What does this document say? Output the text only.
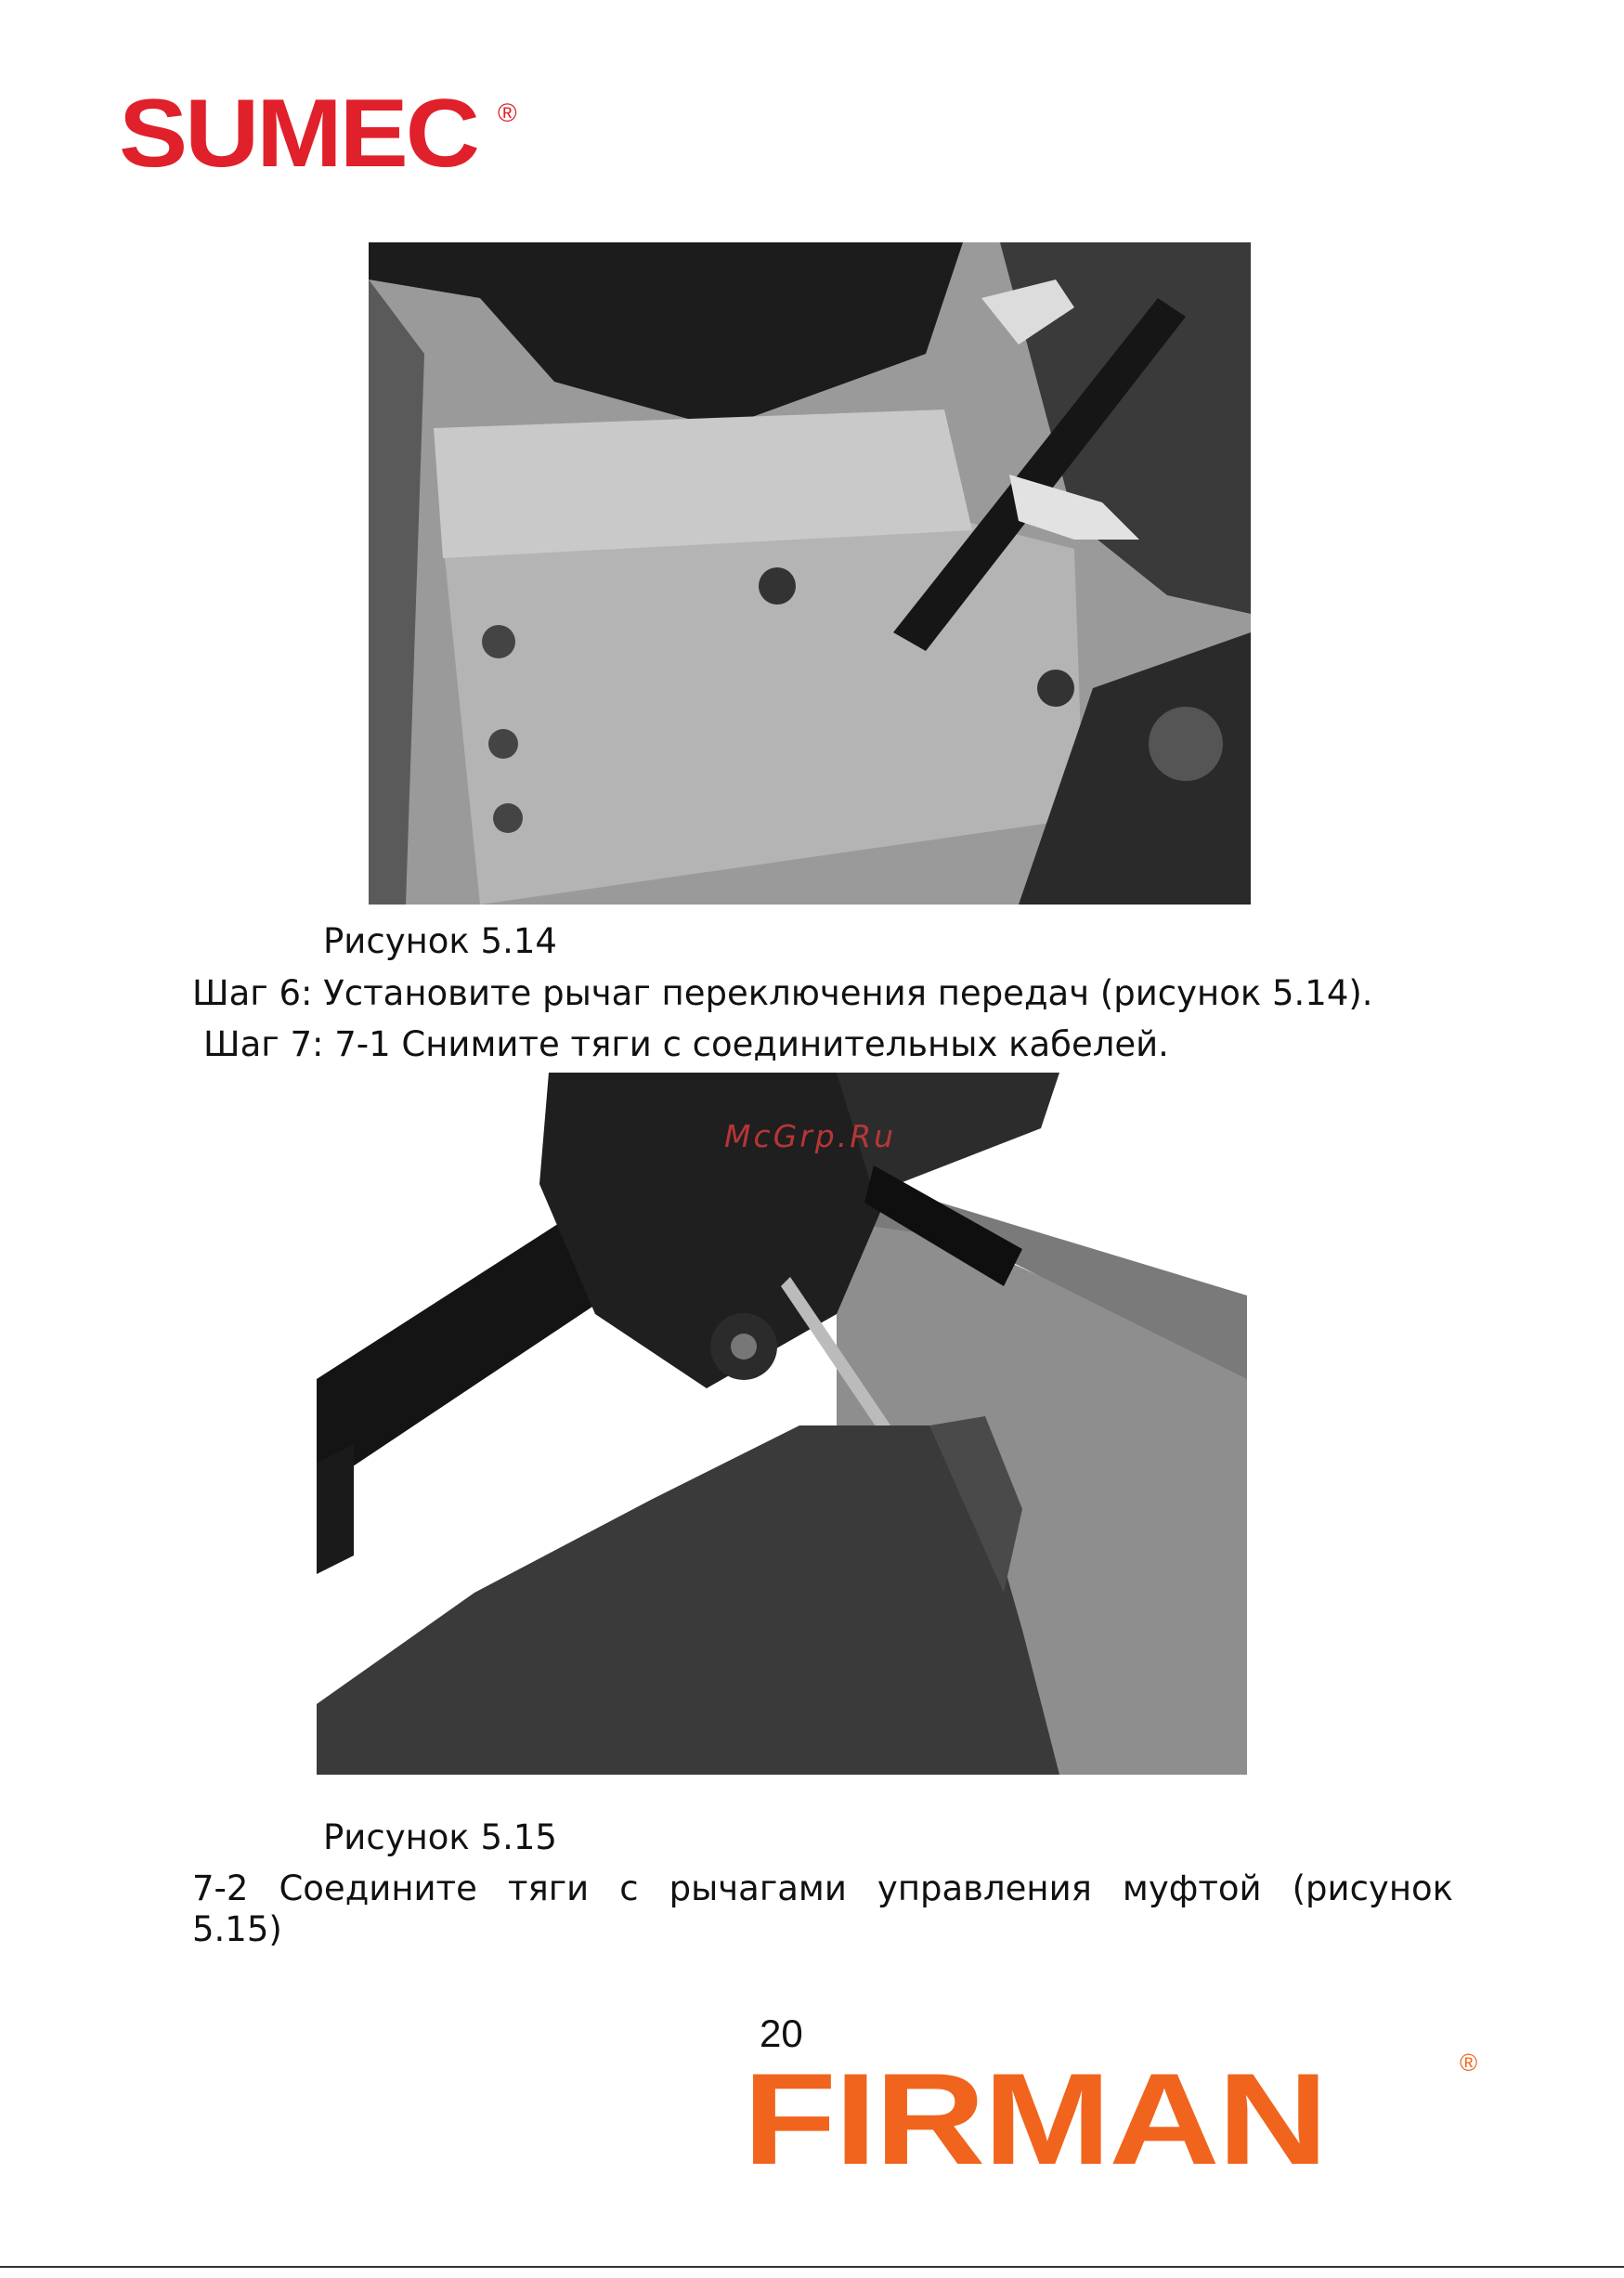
SUMEC ®
Рисунок 5.14
Шаг 6: Установите рычаг переключения передач (рисунок 5.14).
Шаг 7: 7-1 Снимите тяги с соединительных кабелей.
McGrp.Ru
Рисунок 5.15
7-2 Соедините тяги с рычагами управления муфтой (рисунок 5.15)
20
FIRMAN	®
